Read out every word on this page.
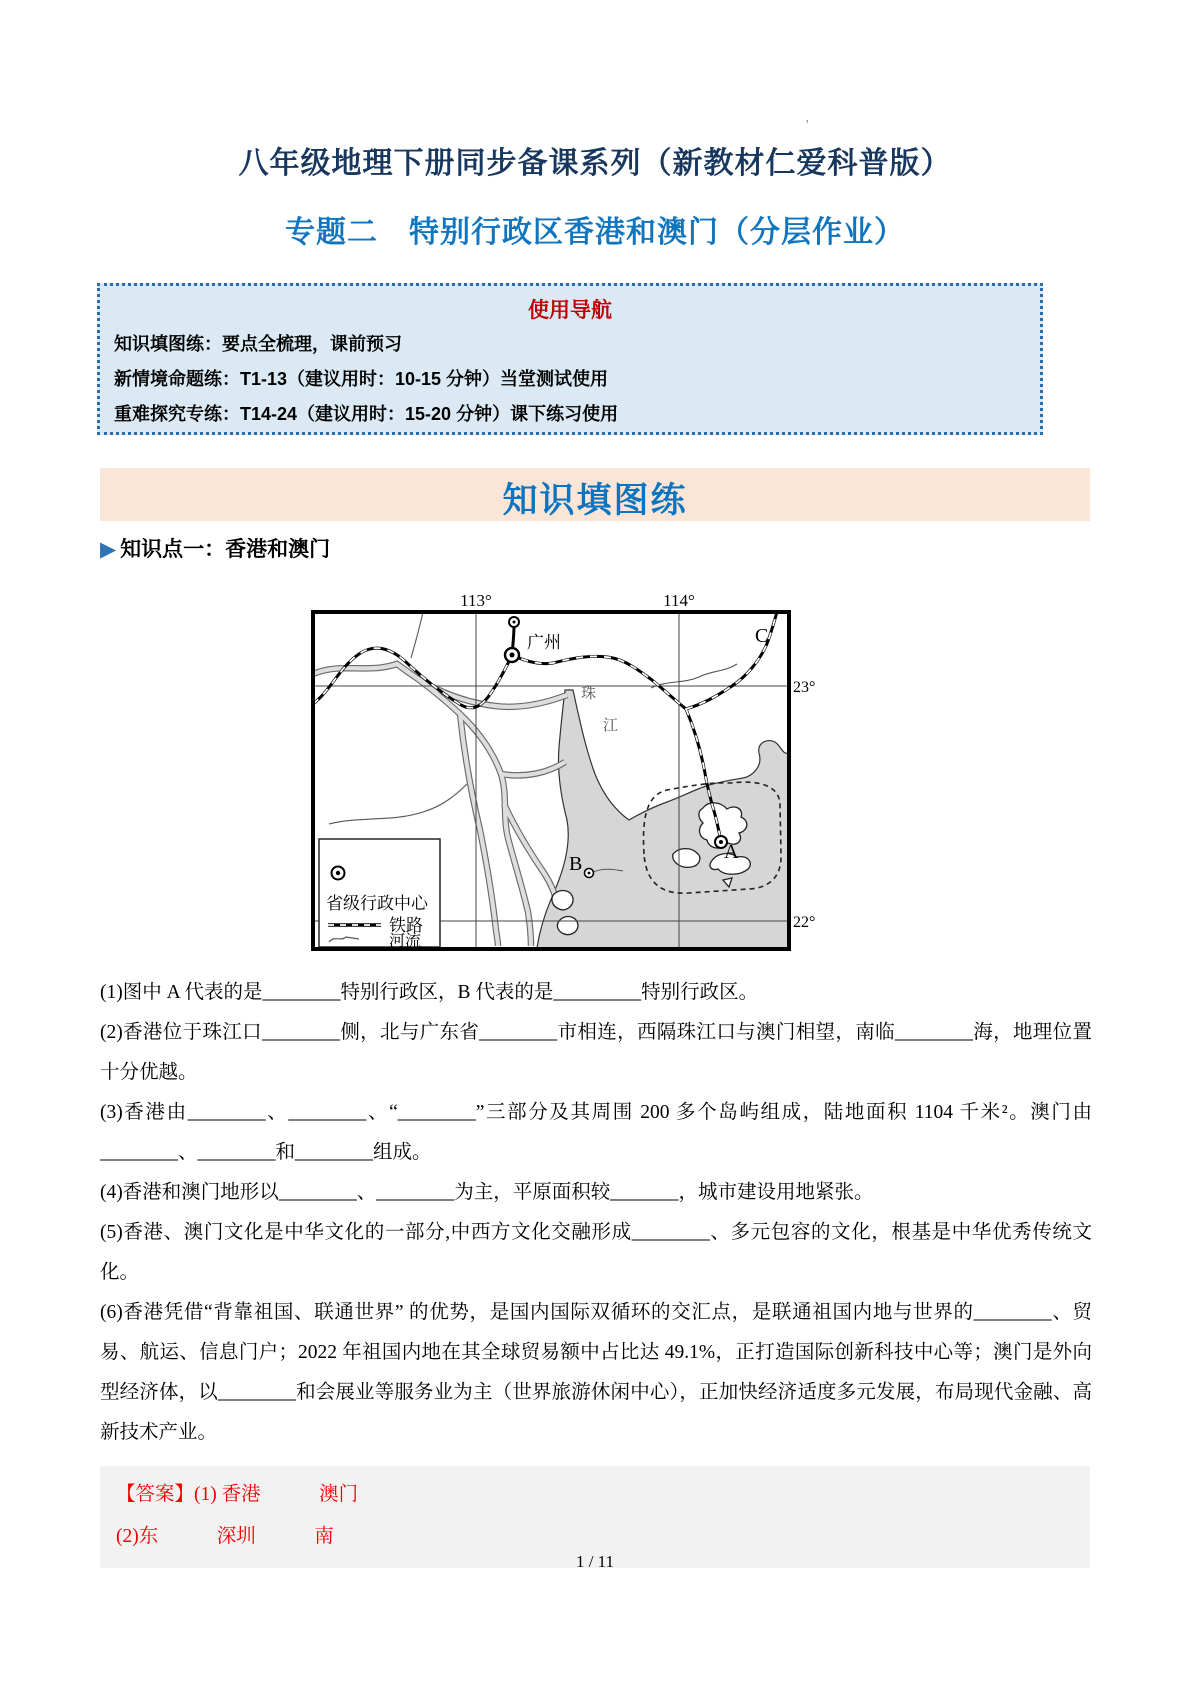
八年级地理下册同步备课系列（新教材仁爱科普版）
专题二　特别行政区香港和澳门（分层作业）
'
使用导航

知识填图练：要点全梳理，课前预习

新情境命题练：T1-13（建议用时：10-15 分钟）当堂测试使用

重难探究专练：T14-24（建议用时：15-20 分钟）课下练习使用

知识填图练
▶ 知识点一：香港和澳门
113°	114°
23°
22°
广州
珠
江
C
A
B
省级行政中心
铁路
河流

(1)图中 A 代表的是________特别行政区，B 代表的是_________特别行政区。

(2)香港位于珠江口________侧，北与广东省________市相连，西隔珠江口与澳门相望，南临________海，地理位置十分优越。

(3)香港由________、________、“________”三部分及其周围 200 多个岛屿组成，陆地面积 1104 千米²。澳门由________、________和________组成。

(4)香港和澳门地形以________、________为主，平原面积较_______，城市建设用地紧张。

(5)香港、澳门文化是中华文化的一部分,中西方文化交融形成________、多元包容的文化，根基是中华优秀传统文化。

(6)香港凭借“背靠祖国、联通世界” 的优势，是国内国际双循环的交汇点，是联通祖国内地与世界的________、贸易、航运、信息门户；2022 年祖国内地在其全球贸易额中占比达 49.1%，正打造国际创新科技中心等；澳门是外向型经济体，以________和会展业等服务业为主（世界旅游休闲中心），正加快经济适度多元发展，布局现代金融、高新技术产业。

【答案】(1) 香港　　　澳门

(2)东　　　深圳　　　南

1 / 11
